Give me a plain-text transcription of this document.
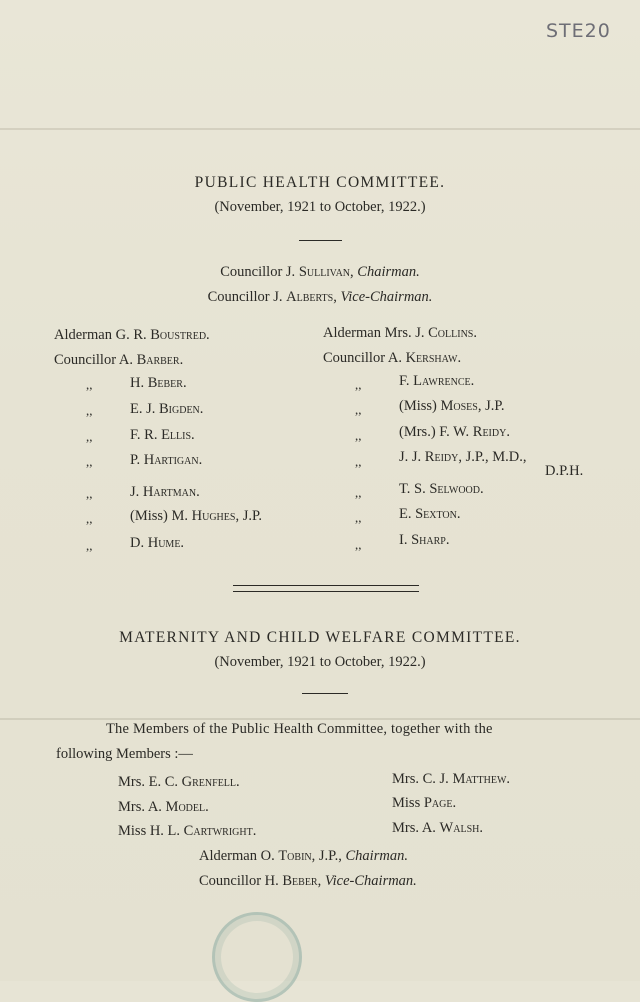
STE20
PUBLIC HEALTH COMMITTEE.
(November, 1921 to October, 1922.)
Councillor J. Sullivan, Chairman.
Councillor J. Alberts, Vice-Chairman.
Alderman G. R. Boustred.
Councillor A. Barber.
,,	H. Beber.
,,	E. J. Bigden.
,,	F. R. Ellis.
,,	P. Hartigan.
,,	J. Hartman.
,,	(Miss) M. Hughes, J.P.
,,	D. Hume.
Alderman Mrs. J. Collins.
Councillor A. Kershaw.
,,	F. Lawrence.
,,	(Miss) Moses, J.P.
,,	(Mrs.) F. W. Reidy.
,,	J. J. Reidy, J.P., M.D.,
D.P.H.
,,	T. S. Selwood.
,,	E. Sexton.
,,	I. Sharp.
MATERNITY AND CHILD WELFARE COMMITTEE.
(November, 1921 to October, 1922.)
The Members of the Public Health Committee, together with the
following Members :—
Mrs. E. C. Grenfell.
Mrs. A. Model.
Miss H. L. Cartwright.
Mrs. C. J. Matthew.
Miss Page.
Mrs. A. Walsh.
Alderman O. Tobin, J.P., Chairman.
Councillor H. Beber, Vice-Chairman.
